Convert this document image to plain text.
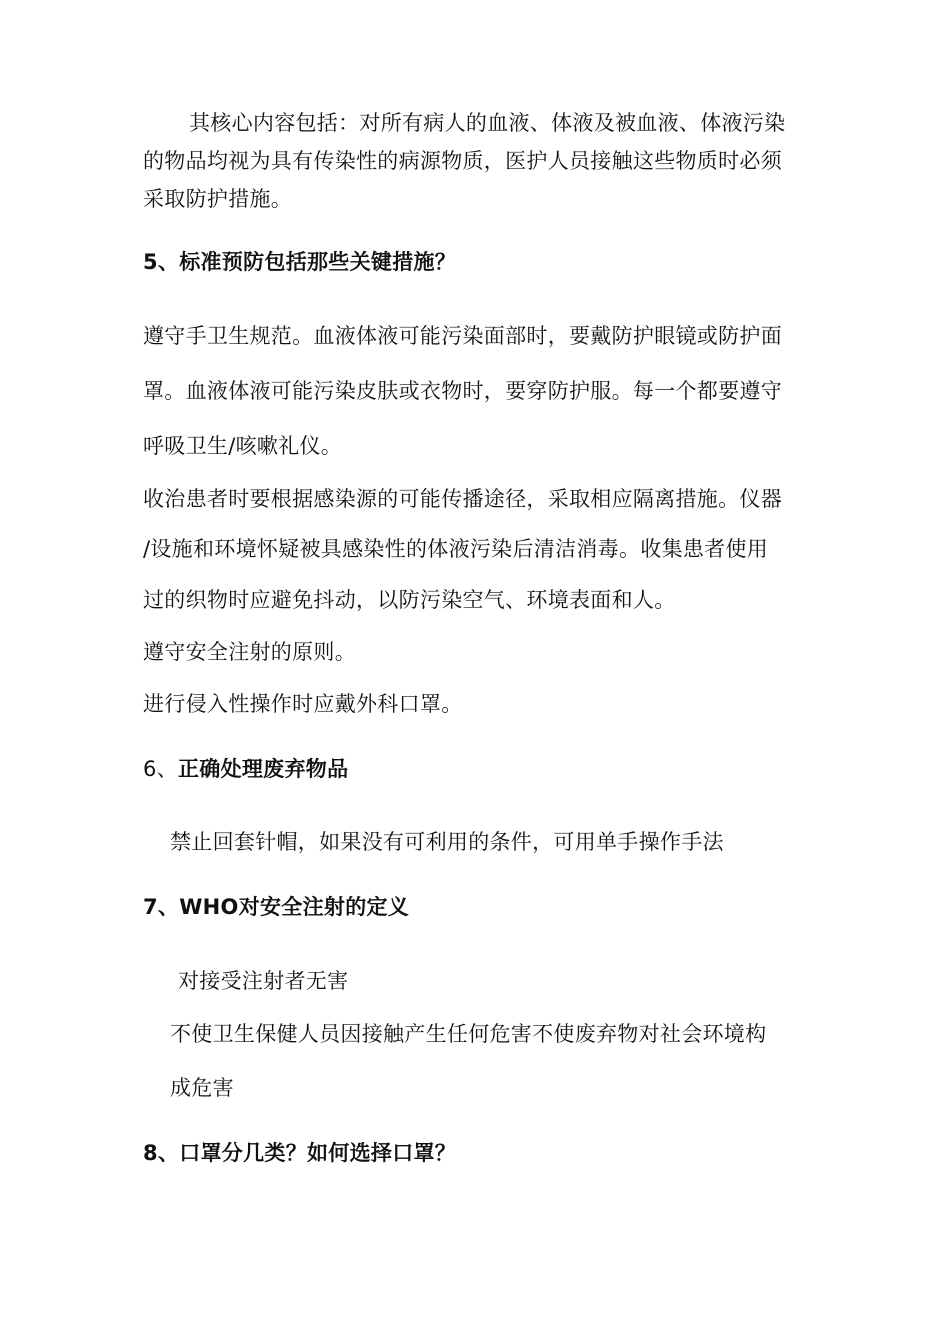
其核心内容包括：对所有病人的血液、体液及被血液、体液污染
的物品均视为具有传染性的病源物质，医护人员接触这些物质时必须
采取防护措施。
5、标准预防包括那些关键措施？
遵守手卫生规范。血液体液可能污染面部时，要戴防护眼镜或防护面
罩。血液体液可能污染皮肤或衣物时，要穿防护服。每一个都要遵守
呼吸卫生/咳嗽礼仪。
收治患者时要根据感染源的可能传播途径，采取相应隔离措施。仪器
/设施和环境怀疑被具感染性的体液污染后清洁消毒。收集患者使用
过的织物时应避免抖动，以防污染空气、环境表面和人。
遵守安全注射的原则。
进行侵入性操作时应戴外科口罩。
6、正确处理废弃物品
禁止回套针帽，如果没有可利用的条件，可用单手操作手法
7、WHO对安全注射的定义
对接受注射者无害
不使卫生保健人员因接触产生任何危害不使废弃物对社会环境构
成危害
8、口罩分几类？如何选择口罩？
